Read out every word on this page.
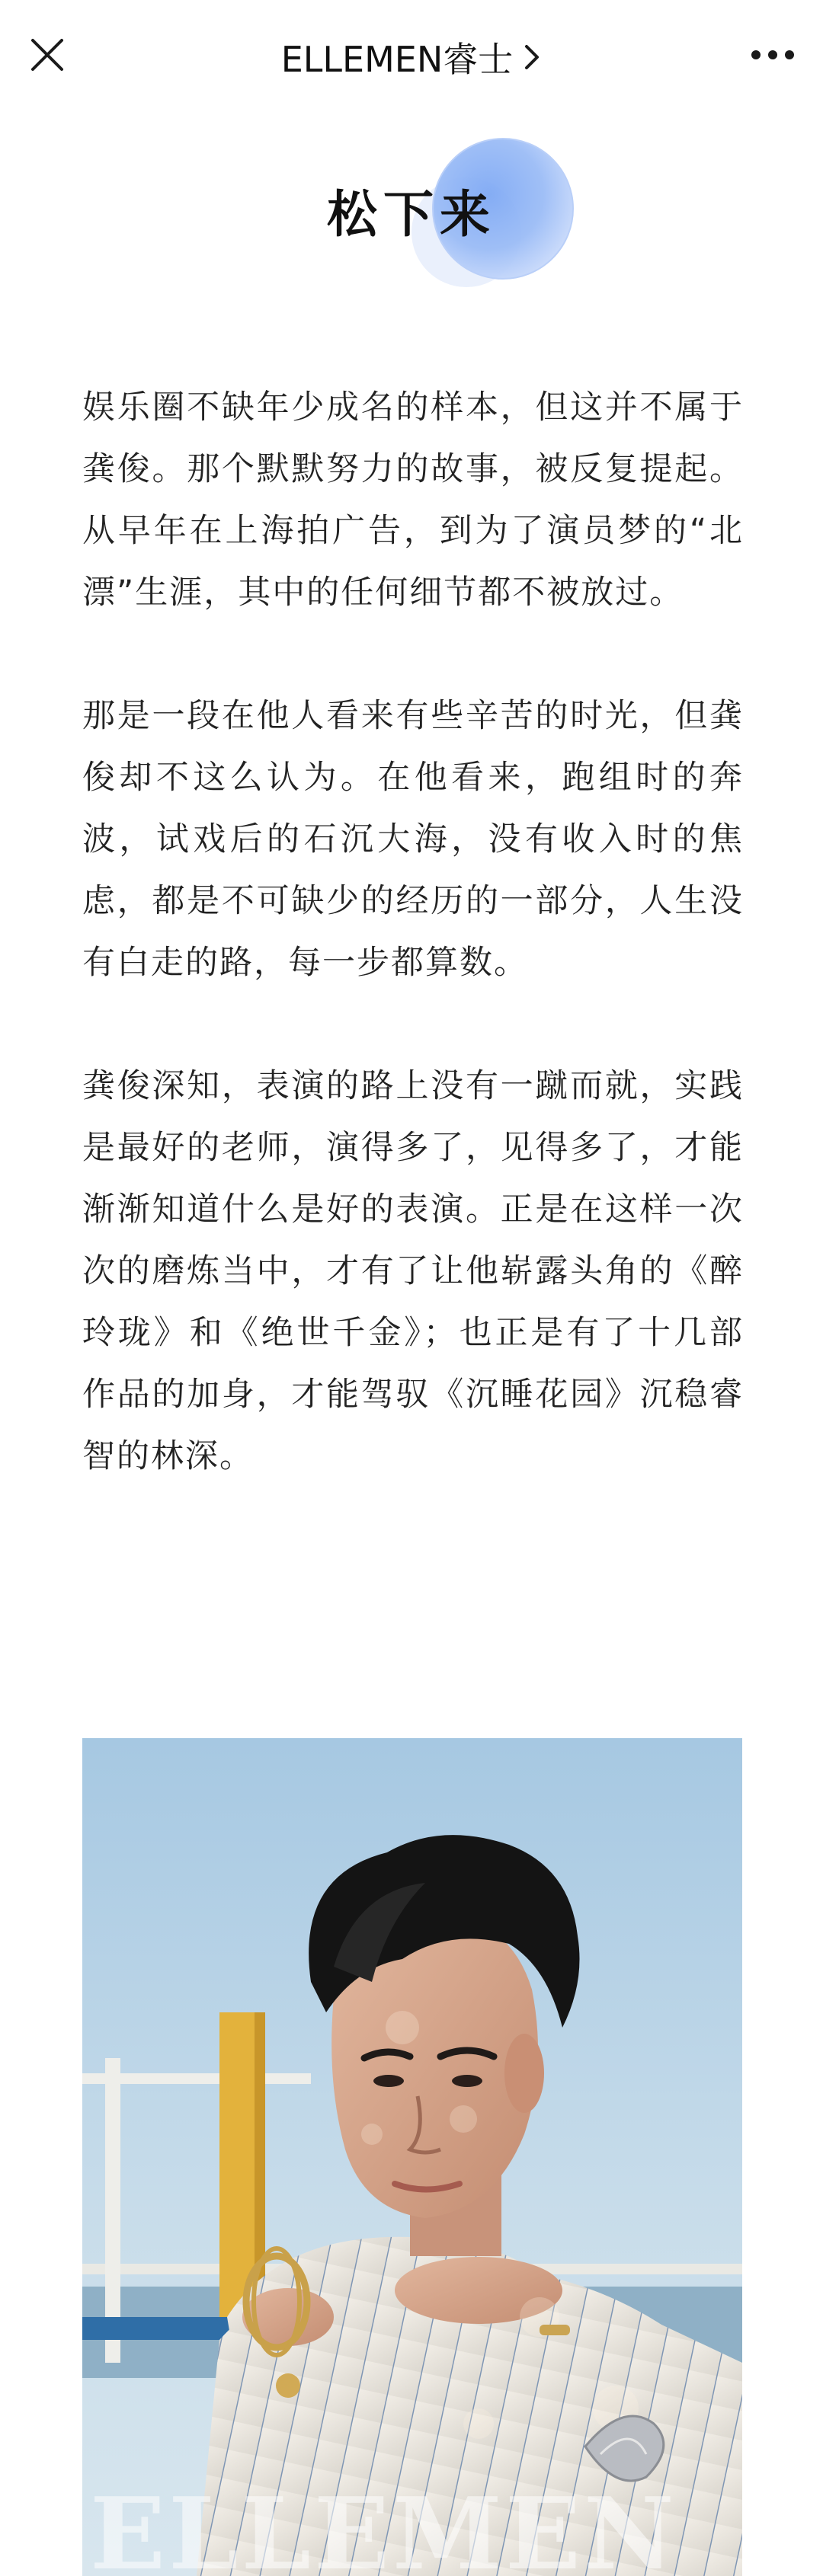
ELLEMEN睿士
松下来

娱乐圈不缺年少成名的样本，但这并不属于龚俊。那个默默努力的故事，被反复提起。从早年在上海拍广告，到为了演员梦的“北漂”生涯，其中的任何细节都不被放过。

那是一段在他人看来有些辛苦的时光，但龚俊却不这么认为。在他看来，跑组时的奔波，试戏后的石沉大海，没有收入时的焦虑，都是不可缺少的经历的一部分，人生没有白走的路，每一步都算数。

龚俊深知，表演的路上没有一蹴而就，实践是最好的老师，演得多了，见得多了，才能渐渐知道什么是好的表演。正是在这样一次次的磨炼当中，才有了让他崭露头角的《醉玲珑》和《绝世千金》；也正是有了十几部作品的加身，才能驾驭《沉睡花园》沉稳睿智的林深。

ELLEMEN
